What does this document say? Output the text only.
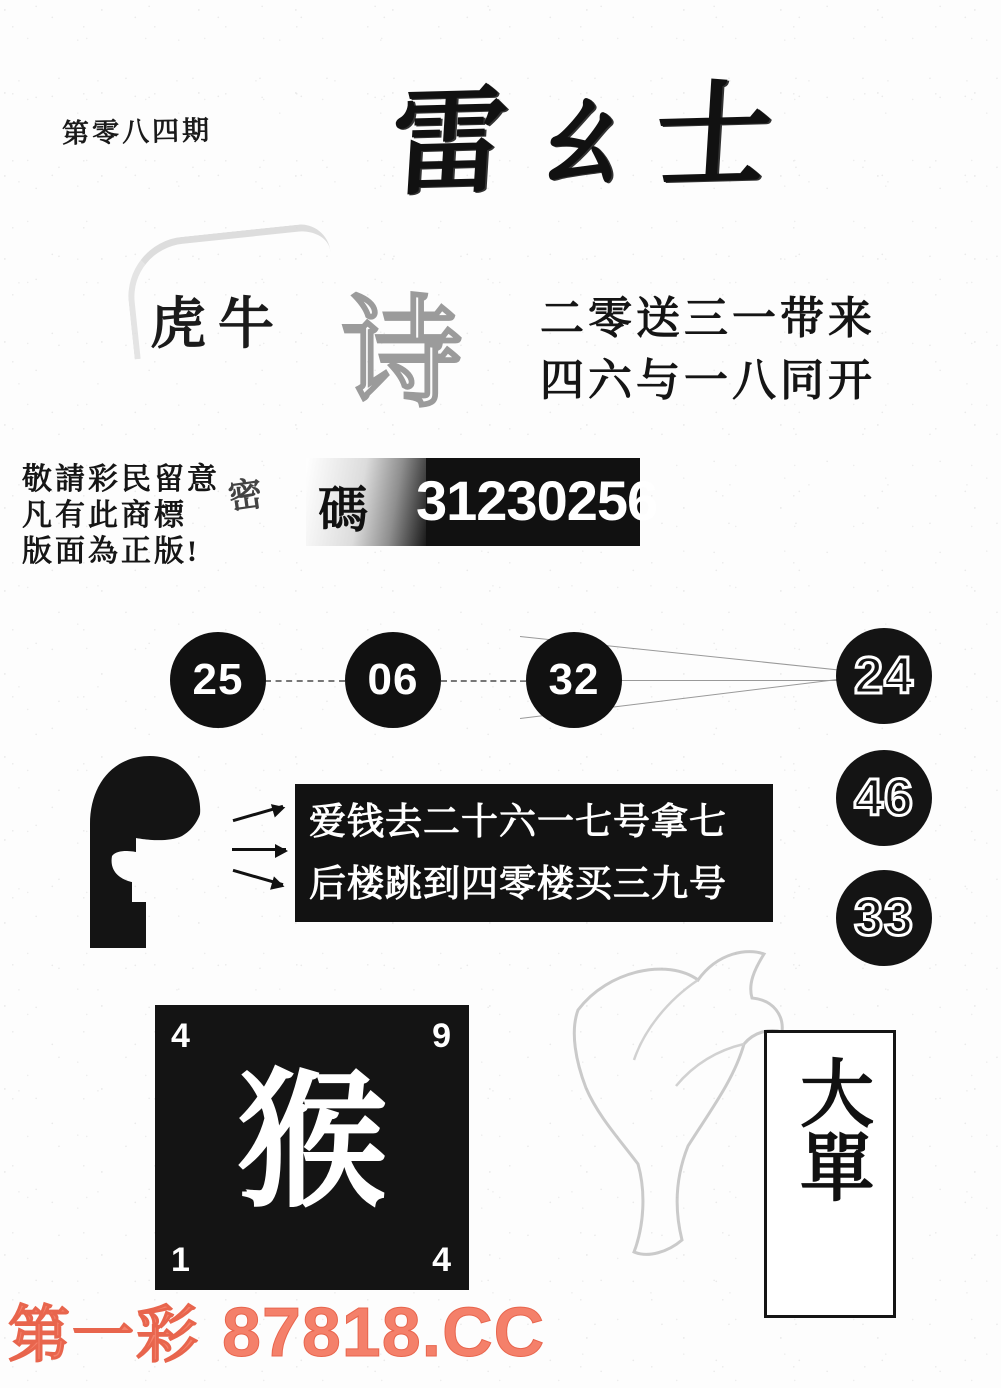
第零八四期 雷ㄠ士
虎牛 诗 二零送三一带来
四六与一八同开
敬請彩民留意
凡有此商標
版面為正版!
密 碼 31230256
25	06	32	24
46
33
爱钱去二十六一七号拿七
后楼跳到四零楼买三九号
4	9
1	4
猴	大單
第一彩 87818.CC
